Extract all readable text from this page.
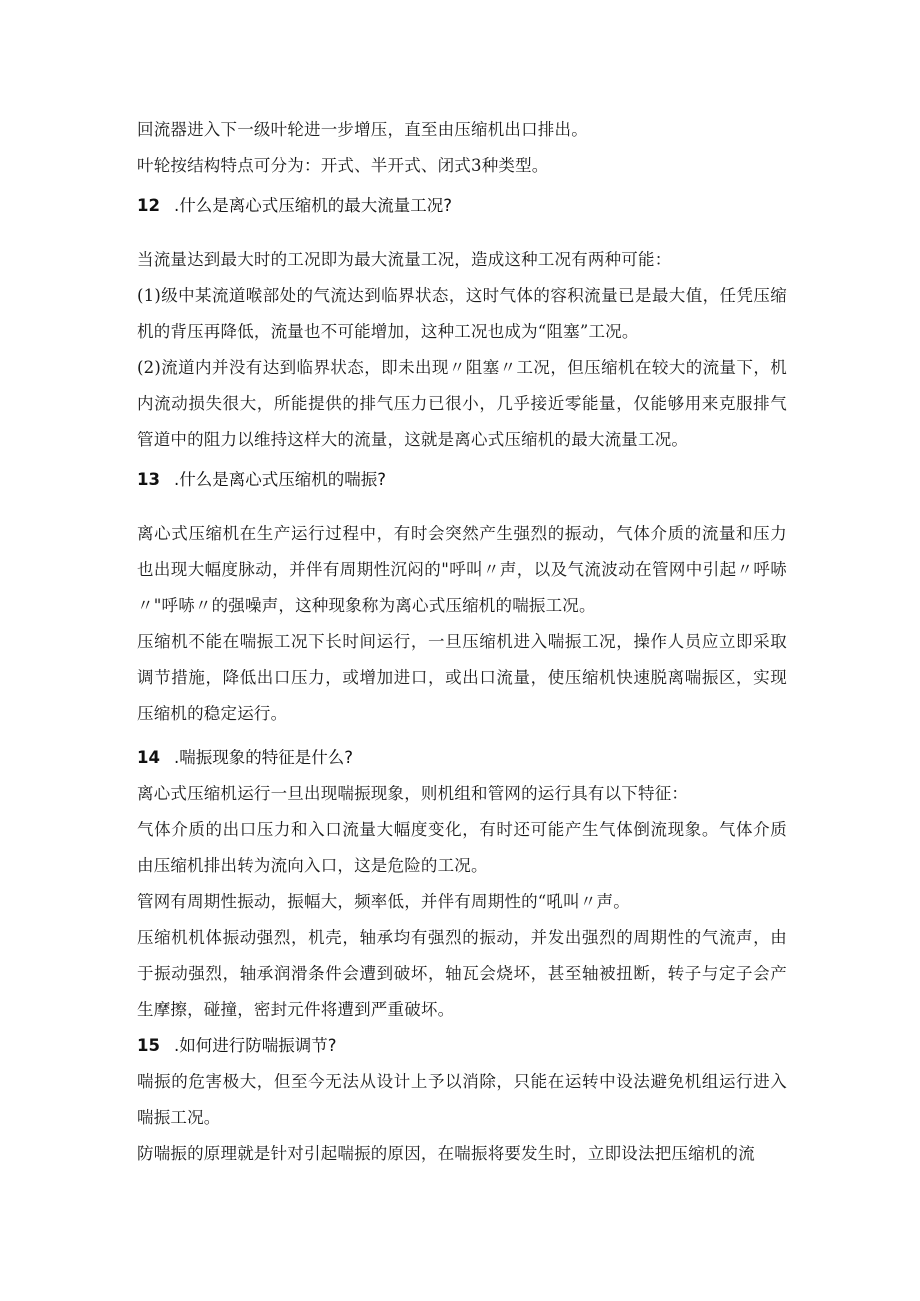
回流器进入下一级叶轮进一步增压，直至由压缩机出口排出。

叶轮按结构特点可分为：开式、半开式、闭式3种类型。

12 .什么是离心式压缩机的最大流量工况?

当流量达到最大时的工况即为最大流量工况，造成这种工况有两种可能：

(1)级中某流道喉部处的气流达到临界状态，这时气体的容积流量已是最大值，任凭压缩机的背压再降低，流量也不可能增加，这种工况也成为“阻塞”工况。

(2)流道内并没有达到临界状态，即未出现〃阻塞〃工况，但压缩机在较大的流量下，机内流动损失很大，所能提供的排气压力已很小，几乎接近零能量，仅能够用来克服排气管道中的阻力以维持这样大的流量，这就是离心式压缩机的最大流量工况。

13 .什么是离心式压缩机的喘振?

离心式压缩机在生产运行过程中，有时会突然产生强烈的振动，气体介质的流量和压力也出现大幅度脉动，并伴有周期性沉闷的"呼叫〃声，以及气流波动在管网中引起〃呼哧〃"呼哧〃的强噪声，这种现象称为离心式压缩机的喘振工况。

压缩机不能在喘振工况下长时间运行，一旦压缩机进入喘振工况，操作人员应立即采取调节措施，降低出口压力，或增加进口，或出口流量，使压缩机快速脱离喘振区，实现压缩机的稳定运行。

14 .喘振现象的特征是什么?

离心式压缩机运行一旦出现喘振现象，则机组和管网的运行具有以下特征：

气体介质的出口压力和入口流量大幅度变化，有时还可能产生气体倒流现象。气体介质由压缩机排出转为流向入口，这是危险的工况。

管网有周期性振动，振幅大，频率低，并伴有周期性的“吼叫〃声。

压缩机机体振动强烈，机壳，轴承均有强烈的振动，并发出强烈的周期性的气流声，由于振动强烈，轴承润滑条件会遭到破坏，轴瓦会烧坏，甚至轴被扭断，转子与定子会产生摩擦，碰撞，密封元件将遭到严重破坏。

15 .如何进行防喘振调节?

喘振的危害极大，但至今无法从设计上予以消除，只能在运转中设法避免机组运行进入喘振工况。

防喘振的原理就是针对引起喘振的原因，在喘振将要发生时，立即设法把压缩机的流
